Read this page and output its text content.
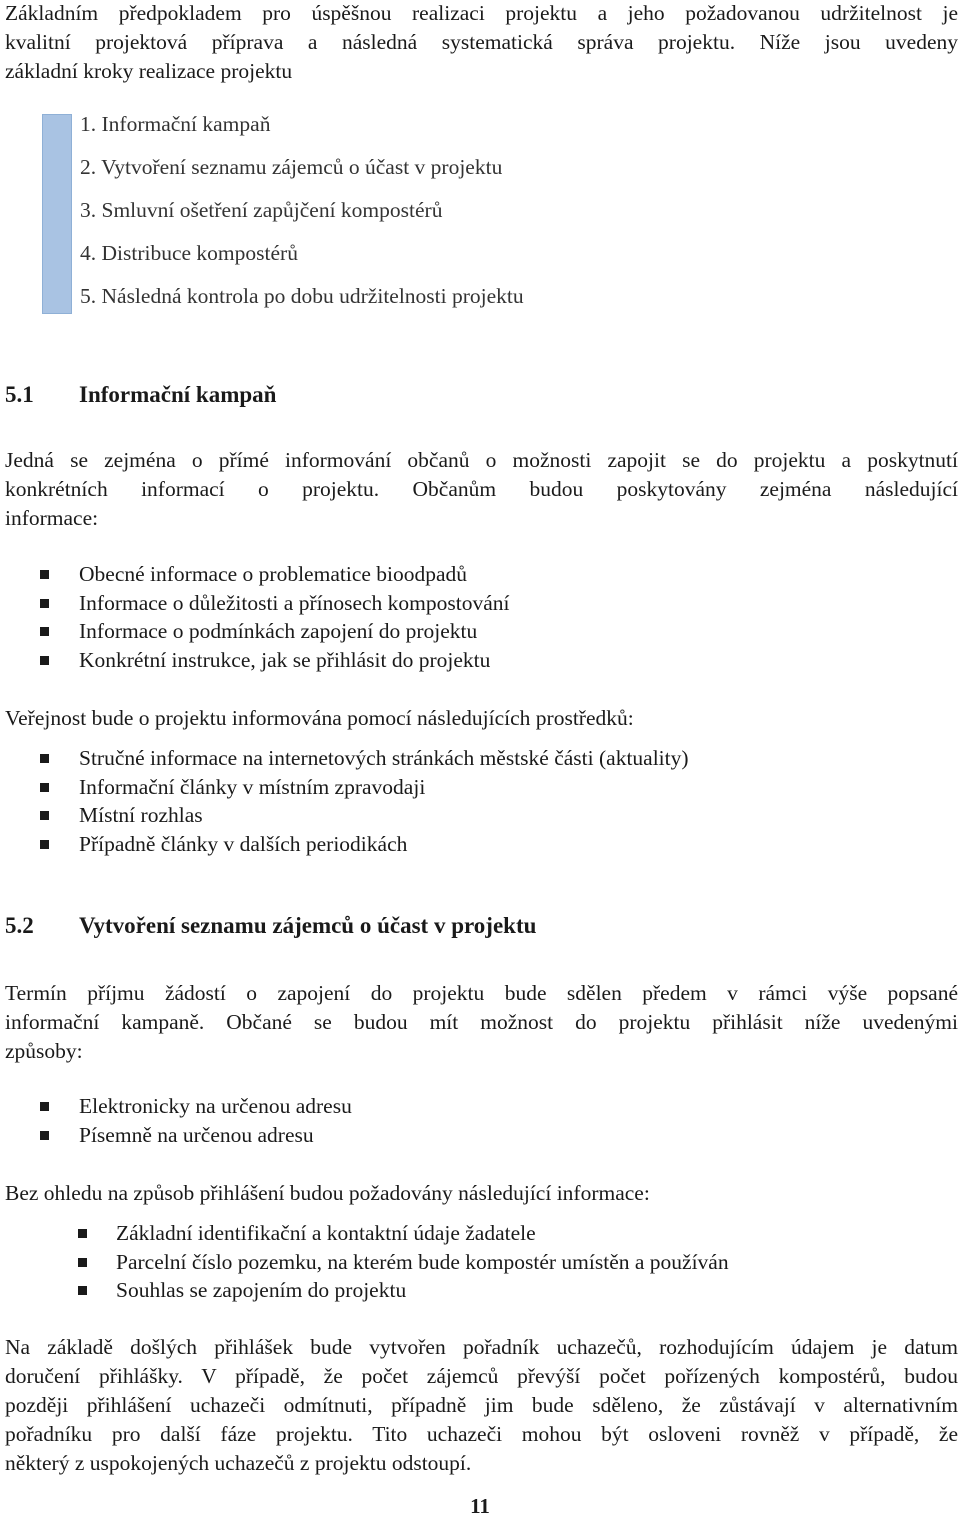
Základním předpokladem pro úspěšnou realizaci projektu a jeho požadovanou udržitelnost je
kvalitní projektová příprava a následná systematická správa projektu. Níže jsou uvedeny
základní kroky realizace projektu
1. Informační kampaň
2. Vytvoření seznamu zájemců o účast v projektu
3. Smluvní ošetření zapůjčení kompostérů
4. Distribuce kompostérů
5. Následná kontrola po dobu udržitelnosti projektu
5.1 Informační kampaň
Jedná se zejména o přímé informování občanů o možnosti zapojit se do projektu a poskytnutí
konkrétních informací o projektu. Občanům budou poskytovány zejména následující
informace:
Obecné informace o problematice bioodpadů
Informace o důležitosti a přínosech kompostování
Informace o podmínkách zapojení do projektu
Konkrétní instrukce, jak se přihlásit do projektu
Veřejnost bude o projektu informována pomocí následujících prostředků:
Stručné informace na internetových stránkách městské části (aktuality)
Informační články v místním zpravodaji
Místní rozhlas
Případně články v dalších periodikách
5.2 Vytvoření seznamu zájemců o účast v projektu
Termín příjmu žádostí o zapojení do projektu bude sdělen předem v rámci výše popsané
informační kampaně. Občané se budou mít možnost do projektu přihlásit níže uvedenými
způsoby:
Elektronicky na určenou adresu
Písemně na určenou adresu
Bez ohledu na způsob přihlášení budou požadovány následující informace:
Základní identifikační a kontaktní údaje žadatele
Parcelní číslo pozemku, na kterém bude kompostér umístěn a používán
Souhlas se zapojením do projektu
Na základě došlých přihlášek bude vytvořen pořadník uchazečů, rozhodujícím údajem je datum
doručení přihlášky. V případě, že počet zájemců převýší počet pořízených kompostérů, budou
později přihlášení uchazeči odmítnuti, případně jim bude sděleno, že zůstávají v alternativním
pořadníku pro další fáze projektu. Tito uchazeči mohou být osloveni rovněž v případě, že
některý z uspokojených uchazečů z projektu odstoupí.
11
